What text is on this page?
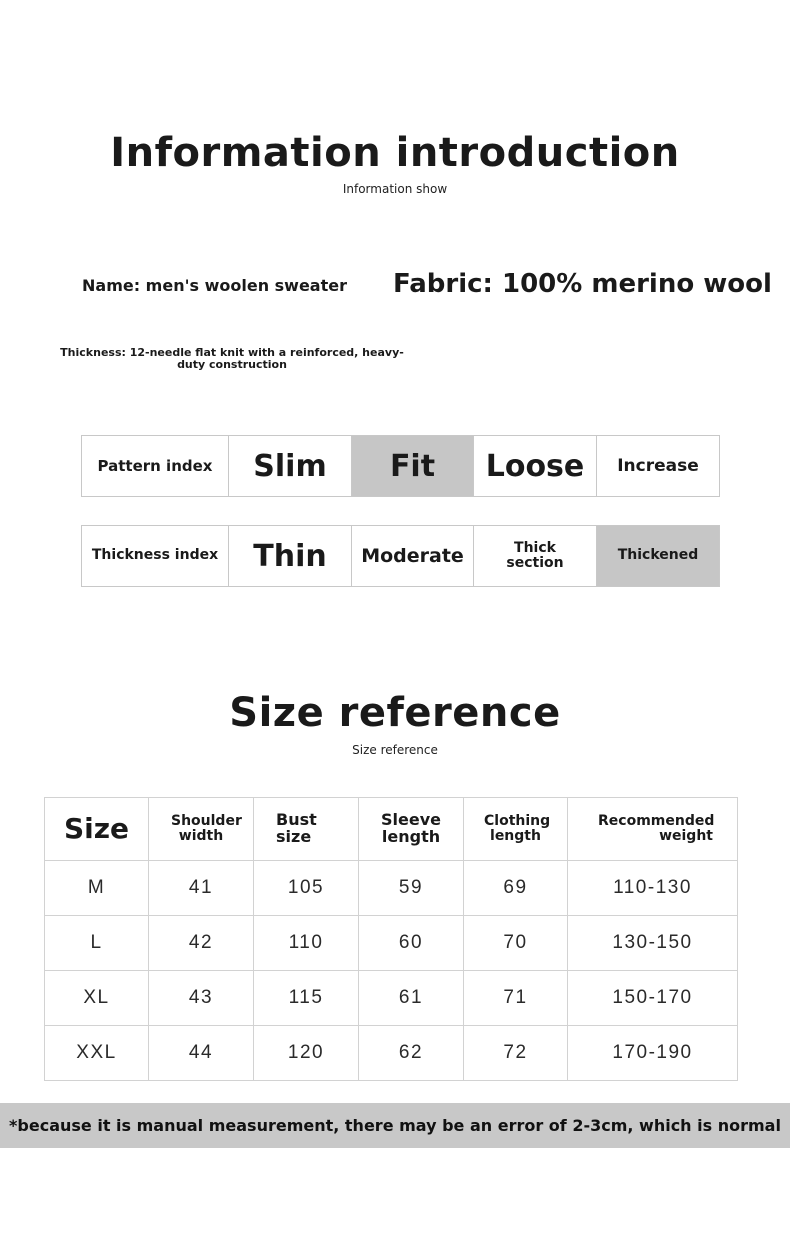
Information introduction
Information show
Name: men's woolen sweater Fabric: 100% merino wool
Thickness: 12-needle flat knit with a reinforced, heavy-duty construction
Pattern index	Slim	Fit	Loose	Increase
Thickness index	Thin	Moderate	Thick section	Thickened
Size reference
Size reference
Size	Shoulder width	Bust size	Sleeve length	Clothing length	Recommended weight
M	41	105	59	69	110-130
L	42	110	60	70	130-150
XL	43	115	61	71	150-170
XXL	44	120	62	72	170-190
*because it is manual measurement, there may be an error of 2-3cm, which is normal
